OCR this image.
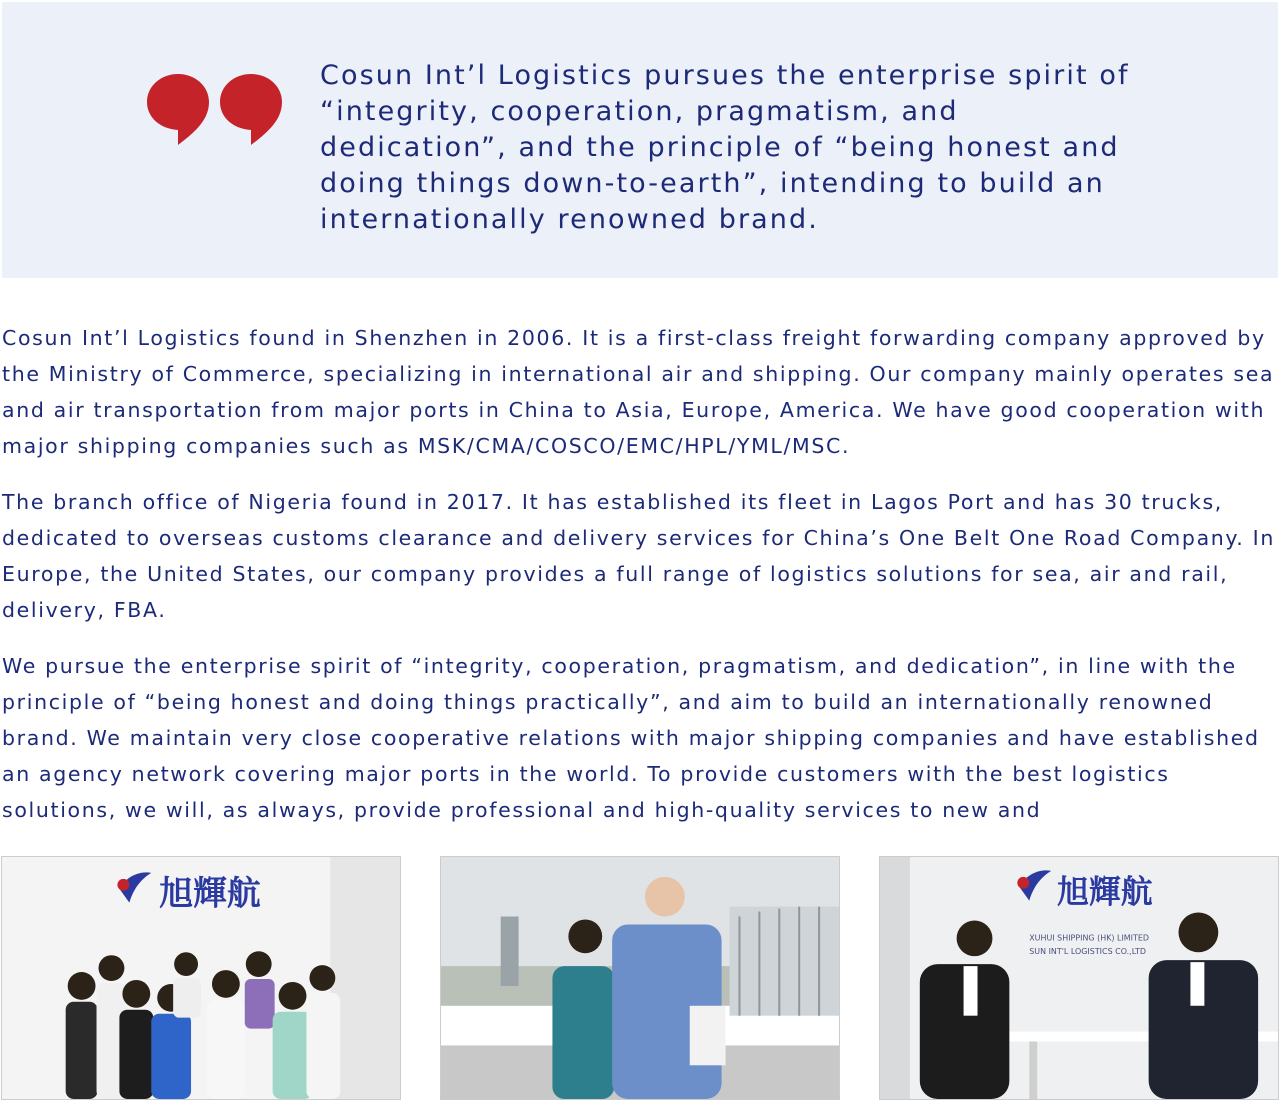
Cosun Int’l Logistics pursues the enterprise spirit of “integrity, cooperation, pragmatism, and dedication”, and the principle of “being honest and doing things down-to-earth”, intending to build an internationally renowned brand.

Cosun Int’l Logistics found in Shenzhen in 2006. It is a first-class freight forwarding company approved by the Ministry of Commerce, specializing in international air and shipping. Our company mainly operates sea and air transportation from major ports in China to Asia, Europe, America. We have good cooperation with major shipping companies such as MSK/CMA/COSCO/EMC/HPL/YML/MSC.

The branch office of Nigeria found in 2017. It has established its fleet in Lagos Port and has 30 trucks, dedicated to overseas customs clearance and delivery services for China’s One Belt One Road Company. In Europe, the United States, our company provides a full range of logistics solutions for sea, air and rail, delivery, FBA.

We pursue the enterprise spirit of “integrity, cooperation, pragmatism, and dedication”, in line with the principle of “being honest and doing things practically”, and aim to build an internationally renowned brand. We maintain very close cooperative relations with major shipping companies and have established an agency network covering major ports in the world. To provide customers with the best logistics solutions, we will, as always, provide professional and high-quality services to new and

旭輝航	旭輝航
XUHUI SHIPPING (HK) LIMITED
SUN INT'L LOGISTICS CO.,LTD
